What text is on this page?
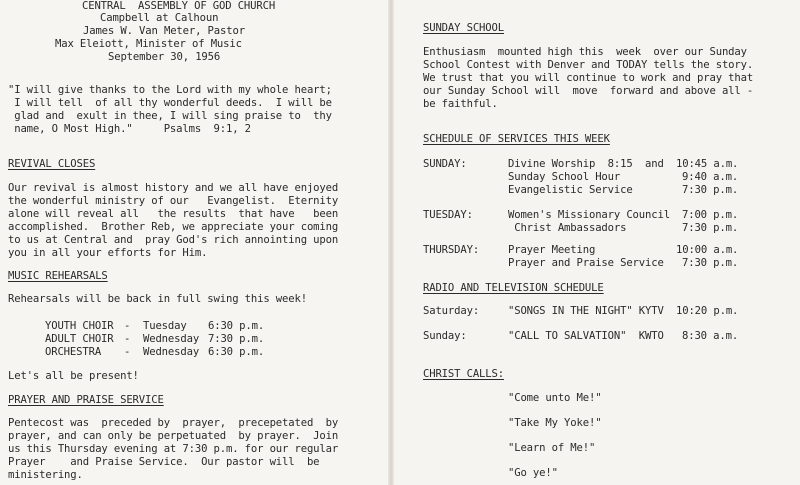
CENTRAL  ASSEMBLY OF GOD CHURCH
Campbell at Calhoun
James W. Van Meter, Pastor
Max Eleiott, Minister of Music
September 30, 1956
"I will give thanks to the Lord with my whole heart;
I will tell  of all thy wonderful deeds.  I will be
glad and  exult in thee, I will sing praise to  thy
name, O Most High."     Psalms  9:1, 2
REVIVAL CLOSES
Our revival is almost history and we all have enjoyed
the wonderful ministry of our   Evangelist.  Eternity
alone will reveal all   the results  that have   been
accomplished.  Brother Reb, we appreciate your coming
to us at Central and  pray God's rich annointing upon
you in all your efforts for Him.
MUSIC REHEARSALS
Rehearsals will be back in full swing this week!
YOUTH CHOIR - Tuesday 6:30 p.m.
ADULT CHOIR - Wednesday 7:30 p.m.
ORCHESTRA - Wednesday 6:30 p.m.
Let's all be present!
PRAYER AND PRAISE SERVICE
Pentecost was  preceded by  prayer,  precepetated  by
prayer, and can only be perpetuated  by prayer.  Join
us this Thursday evening at 7:30 p.m. for our regular
Prayer    and Praise Service.  Our pastor will  be
ministering.
SUNDAY SCHOOL
Enthusiasm  mounted high this  week  over our Sunday
School Contest with Denver and TODAY tells the story.
We trust that you will continue to work and pray that
our Sunday School will  move  forward and above all -
be faithful.
SCHEDULE OF SERVICES THIS WEEK
SUNDAY:	Divine Worship  8:15  and 10:45 a.m.
Sunday School Hour	9:40 a.m.
Evangelistic Service	7:30 p.m.
TUESDAY:	Women's Missionary Council 7:00 p.m.
Christ Ambassadors	7:30 p.m.
THURSDAY:	Prayer Meeting	10:00 a.m.
Prayer and Praise Service 7:30 p.m.
RADIO AND TELEVISION SCHEDULE
Saturday:	"SONGS IN THE NIGHT" KYTV 10:20 p.m.
Sunday:	"CALL TO SALVATION"  KWTO 8:30 a.m.
CHRIST CALLS:
"Come unto Me!"
"Take My Yoke!"
"Learn of Me!"
"Go ye!"
